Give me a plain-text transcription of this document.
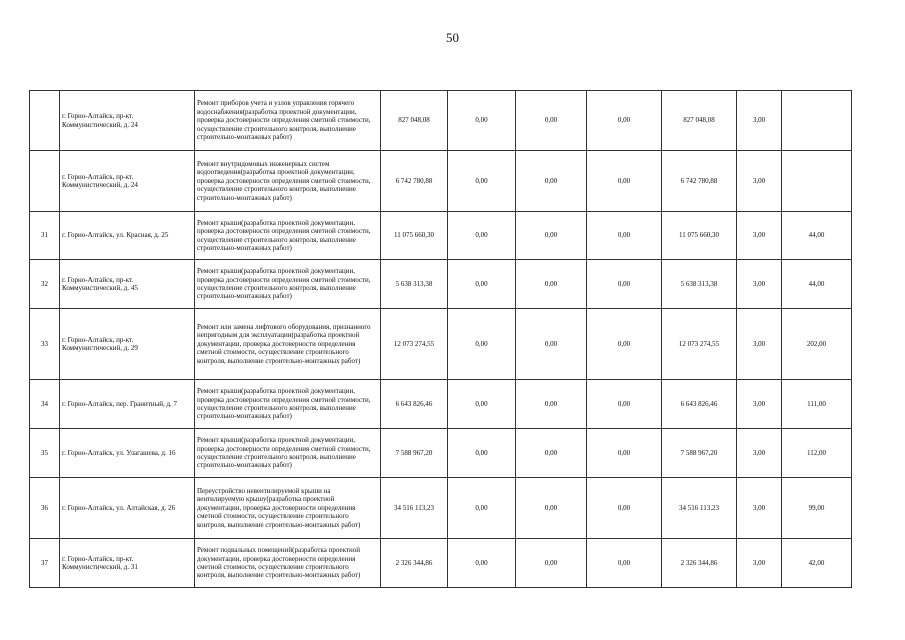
50
	г. Горно-Алтайск, пр-кт. Коммунистический, д. 24	Ремонт приборов учета и узлов управления горячего водоснабжения(разработка проектной документации, проверка достоверности определения сметной стоимости, осуществление строительного контроля, выполнение строительно-монтажных работ)	827 048,08	0,00	0,00	0,00	827 048,08	3,00	
	г. Горно-Алтайск, пр-кт. Коммунистический, д. 24	Ремонт внутридомовых инженерных систем водоотведения(разработка проектной документации, проверка достоверности определения сметной стоимости, осуществление строительного контроля, выполнение строительно-монтажных работ)	6 742 780,88	0,00	0,00	0,00	6 742 780,88	3,00	
31	г. Горно-Алтайск, ул. Красная, д. 25	Ремонт крыши(разработка проектной документации, проверка достоверности определения сметной стоимости, осуществление строительного контроля, выполнение строительно-монтажных работ)	11 075 660,30	0,00	0,00	0,00	11 075 660,30	3,00	44,00
32	г. Горно-Алтайск, пр-кт. Коммунистический, д. 45	Ремонт крыши(разработка проектной документации, проверка достоверности определения сметной стоимости, осуществление строительного контроля, выполнение строительно-монтажных работ)	5 638 313,38	0,00	0,00	0,00	5 638 313,38	3,00	44,00
33	г. Горно-Алтайск, пр-кт. Коммунистический, д. 29	Ремонт или замена лифтового оборудования, признанного непригодным для эксплуатации(разработка проектной документации, проверка достоверности определения сметной стоимости, осуществление строительного контроля, выполнение строительно-монтажных работ)	12 073 274,55	0,00	0,00	0,00	12 073 274,55	3,00	202,00
34	г. Горно-Алтайск, пер. Гранитный, д. 7	Ремонт крыши(разработка проектной документации, проверка достоверности определения сметной стоимости, осуществление строительного контроля, выполнение строительно-монтажных работ)	6 643 826,46	0,00	0,00	0,00	6 643 826,46	3,00	111,00
35	г. Горно-Алтайск, ул. Улагашева, д. 16	Ремонт крыши(разработка проектной документации, проверка достоверности определения сметной стоимости, осуществление строительного контроля, выполнение строительно-монтажных работ)	7 588 967,20	0,00	0,00	0,00	7 588 967,20	3,00	112,00
36	г. Горно-Алтайск, ул. Алтайская, д. 26	Переустройство невентилируемой крыши на вентилируемую крышу(разработка проектной документации, проверка достоверности определения сметной стоимости, осуществление строительного контроля, выполнение строительно-монтажных работ)	34 516 113,23	0,00	0,00	0,00	34 516 113,23	3,00	99,00
37	г. Горно-Алтайск, пр-кт. Коммунистический, д. 31	Ремонт подвальных помещений(разработка проектной документации, проверка достоверности определения сметной стоимости, осуществление строительного контроля, выполнение строительно-монтажных работ)	2 326 344,86	0,00	0,00	0,00	2 326 344,86	3,00	42,00
